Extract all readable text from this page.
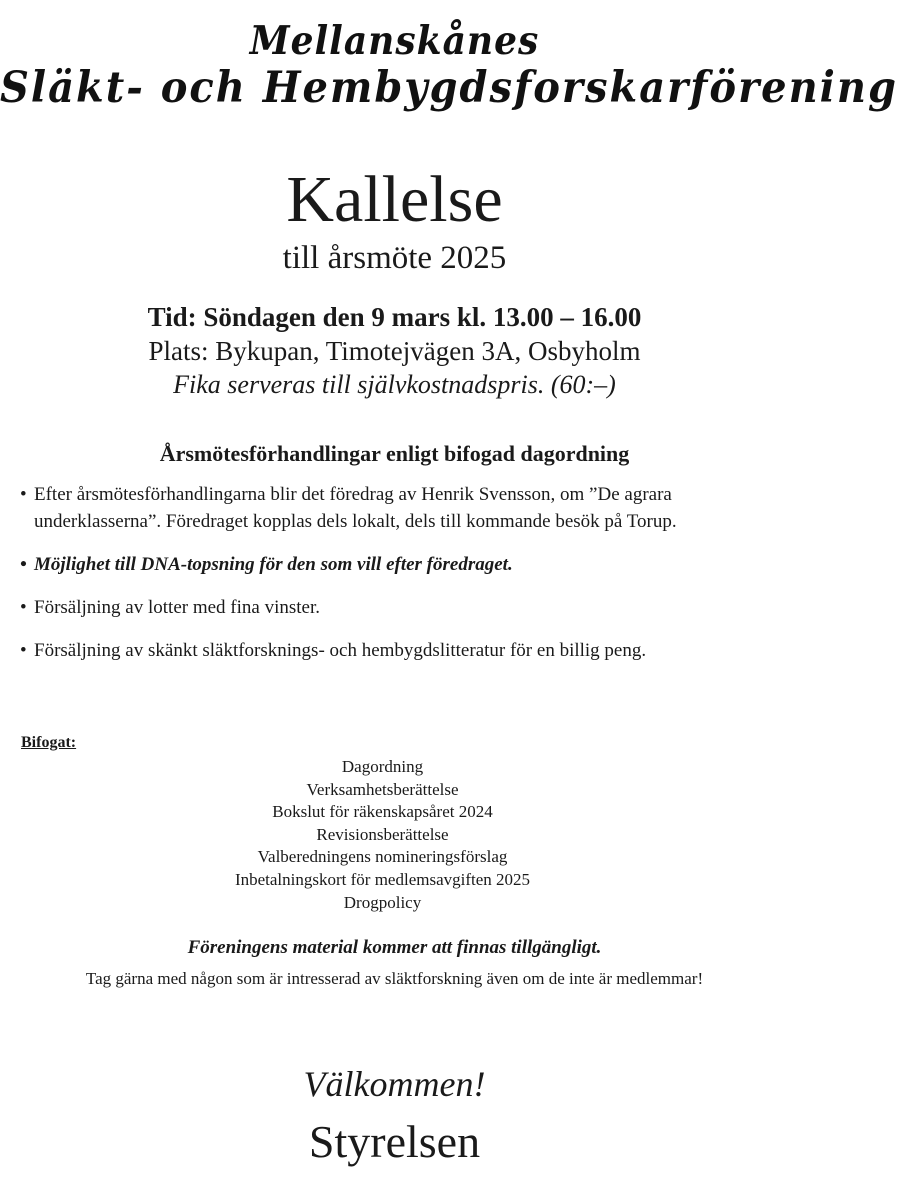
Mellanskånes
Släkt- och Hembygdsforskarförening
Kallelse
till årsmöte 2025
Tid: Söndagen den 9 mars kl. 13.00 – 16.00
Plats: Bykupan, Timotejvägen 3A, Osbyholm
Fika serveras till självkostnadspris. (60:–)
Årsmötesförhandlingar enligt bifogad dagordning
• Efter årsmötesförhandlingarna blir det föredrag av Henrik Svensson, om ”De agrara underklasserna”. Föredraget kopplas dels lokalt, dels till kommande besök på Torup.
• Möjlighet till DNA-topsning för den som vill efter föredraget.
• Försäljning av lotter med fina vinster.
• Försäljning av skänkt släktforsknings- och hembygdslitteratur för en billig peng.
Bifogat:
Dagordning
Verksamhetsberättelse
Bokslut för räkenskapsåret 2024
Revisionsberättelse
Valberedningens nomineringsförslag
Inbetalningskort för medlemsavgiften 2025
Drogpolicy
Föreningens material kommer att finnas tillgängligt.
Tag gärna med någon som är intresserad av släktforskning även om de inte är medlemmar!
Välkommen!
Styrelsen
